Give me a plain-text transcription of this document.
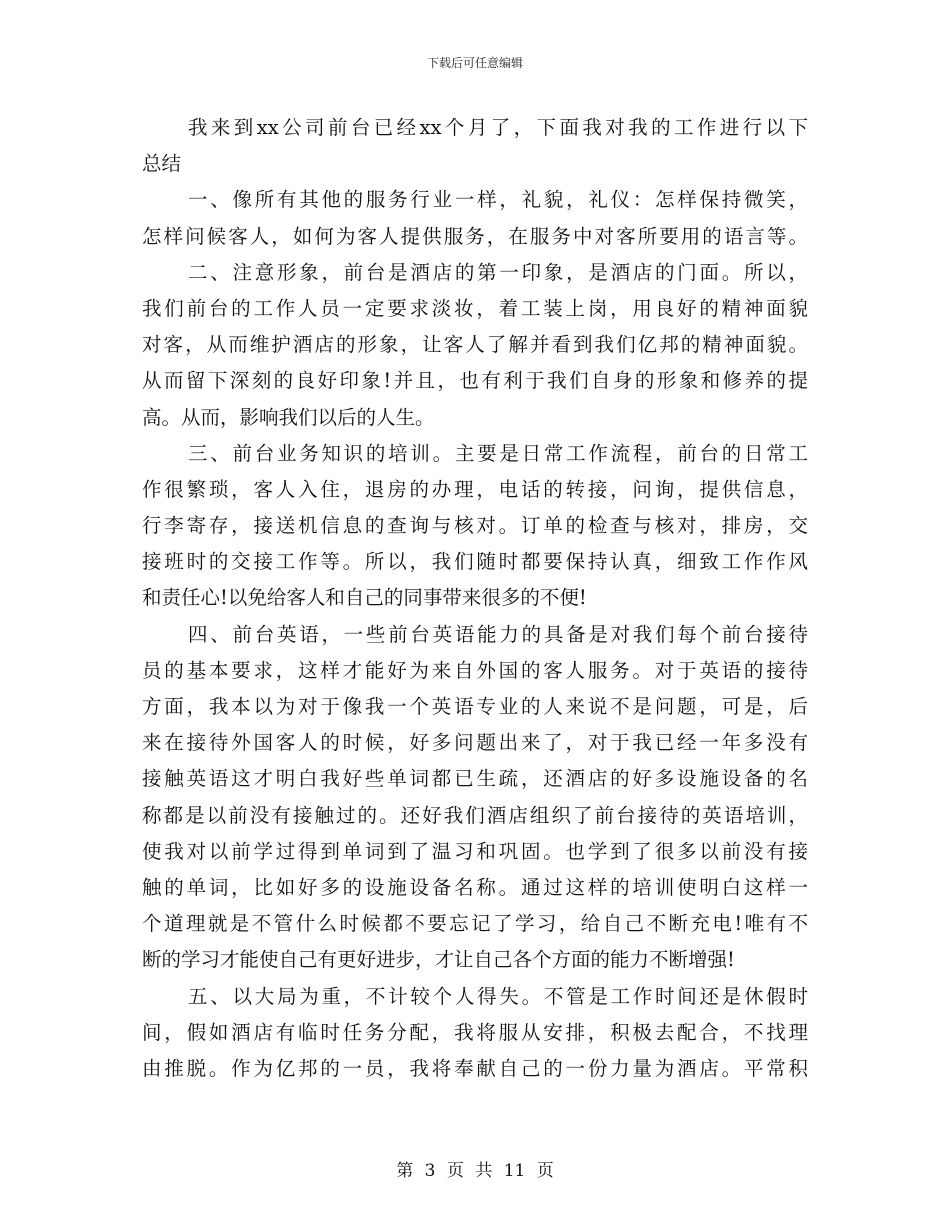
下载后可任意编辑
我来到xx公司前台已经xx个月了，下面我对我的工作进行以下
总结
一、像所有其他的服务行业一样，礼貌，礼仪：怎样保持微笑，
怎样问候客人，如何为客人提供服务，在服务中对客所要用的语言等。
二、注意形象，前台是酒店的第一印象，是酒店的门面。所以，
我们前台的工作人员一定要求淡妆，着工装上岗，用良好的精神面貌
对客，从而维护酒店的形象，让客人了解并看到我们亿邦的精神面貌。
从而留下深刻的良好印象!并且，也有利于我们自身的形象和修养的提
高。从而，影响我们以后的人生。
三、前台业务知识的培训。主要是日常工作流程，前台的日常工
作很繁琐，客人入住，退房的办理，电话的转接，问询，提供信息，
行李寄存，接送机信息的查询与核对。订单的检查与核对，排房，交
接班时的交接工作等。所以，我们随时都要保持认真，细致工作作风
和责任心!以免给客人和自己的同事带来很多的不便!
四、前台英语，一些前台英语能力的具备是对我们每个前台接待
员的基本要求，这样才能好为来自外国的客人服务。对于英语的接待
方面，我本以为对于像我一个英语专业的人来说不是问题，可是，后
来在接待外国客人的时候，好多问题出来了，对于我已经一年多没有
接触英语这才明白我好些单词都已生疏，还酒店的好多设施设备的名
称都是以前没有接触过的。还好我们酒店组织了前台接待的英语培训，
使我对以前学过得到单词到了温习和巩固。也学到了很多以前没有接
触的单词，比如好多的设施设备名称。通过这样的培训使明白这样一
个道理就是不管什么时候都不要忘记了学习，给自己不断充电!唯有不
断的学习才能使自己有更好进步，才让自己各个方面的能力不断增强!
五、以大局为重，不计较个人得失。不管是工作时间还是休假时
间，假如酒店有临时任务分配，我将服从安排，积极去配合，不找理
由推脱。作为亿邦的一员，我将奉献自己的一份力量为酒店。平常积
第 3 页 共 11 页
